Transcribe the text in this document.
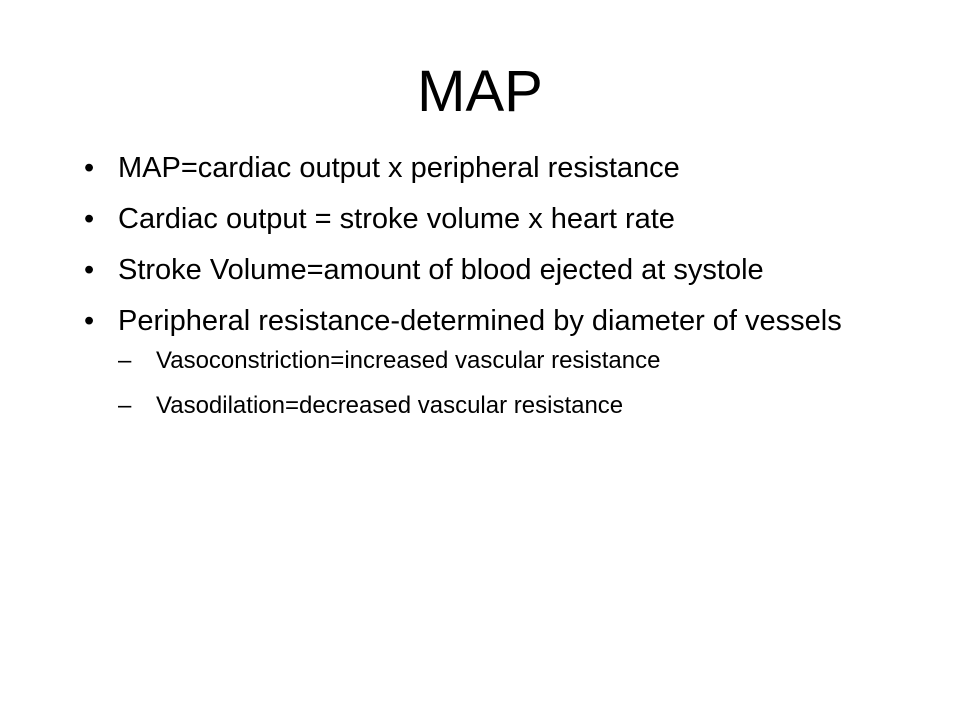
MAP
• MAP=cardiac output x peripheral resistance
• Cardiac output = stroke volume x heart rate
• Stroke Volume=amount of blood ejected at systole
• Peripheral resistance-determined by diameter of vessels
–	Vasoconstriction=increased vascular resistance
–	Vasodilation=decreased vascular resistance
